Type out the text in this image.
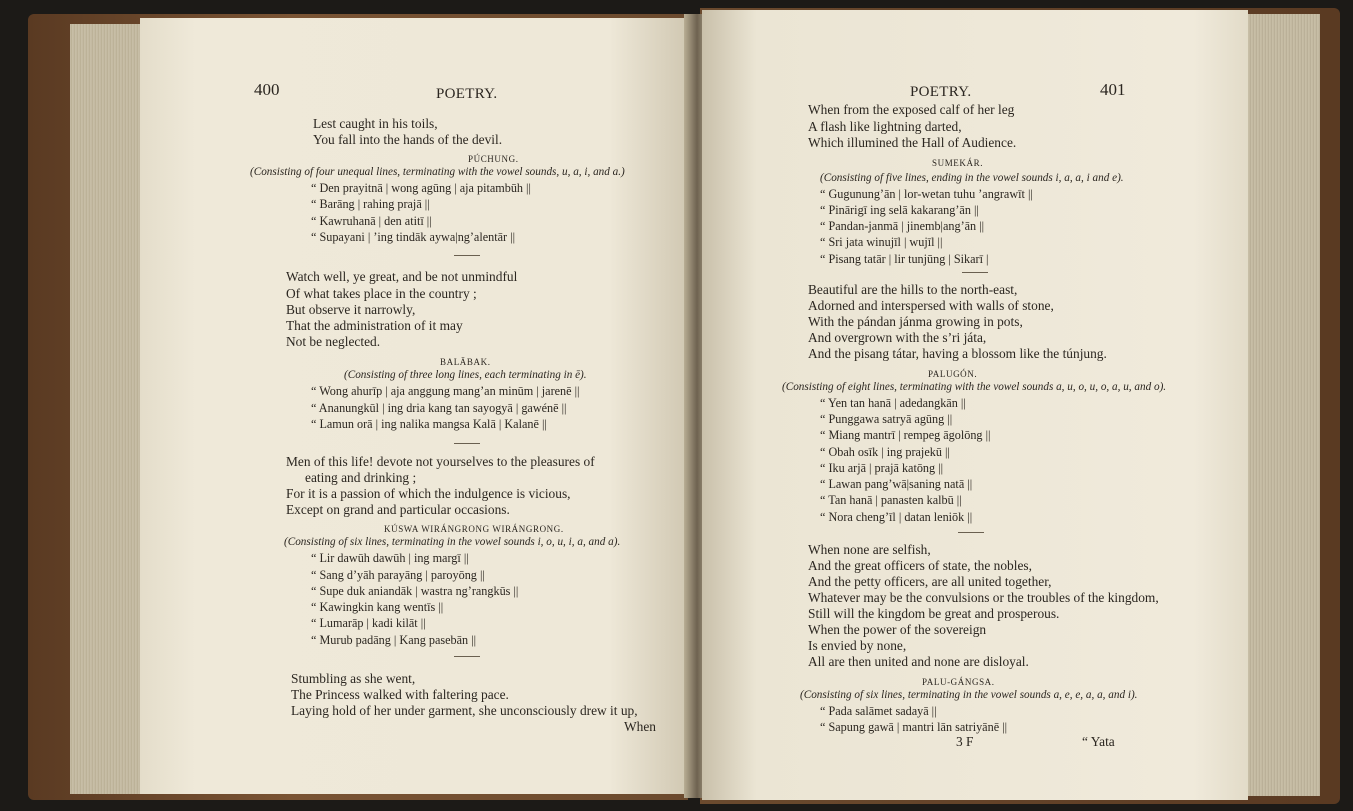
400	POETRY.
Lest caught in his toils,
You fall into the hands of the devil.
PÚCHUNG.
(Consisting of four unequal lines, terminating with the vowel sounds, u, a, i, and a.)
“ Den prayitnā | wong agūng | aja pitambūh ||
“ Barāng | rahing prajā ||
“ Kawruhanā | den atitī ||
“ Supayani | ’ing tindāk aywa|ng’alentār ||
Watch well, ye great, and be not unmindful
Of what takes place in the country ;
But observe it narrowly,
That the administration of it may
Not be neglected.
BALĀBAK.
(Consisting of three long lines, each terminating in ē).
“ Wong ahurīp | aja anggung mang’an minūm | jarenē ||
“ Ananungkūl | ing dria kang tan sayogyā | gawénē ||
“ Lamun orā | ing nalika mangsa Kalā | Kalanē ||
Men of this life! devote not yourselves to the pleasures of
eating and drinking ;
For it is a passion of which the indulgence is vicious,
Except on grand and particular occasions.
KÚSWA WIRÁNGRONG WIRÁNGRONG.
(Consisting of six lines, terminating in the vowel sounds i, o, u, i, a, and a).
“ Lir dawūh dawūh | ing margī ||
“ Sang d’yāh parayāng | paroyōng ||
“ Supe duk aniandāk | wastra ng’rangkūs ||
“ Kawingkin kang wentīs ||
“ Lumarāp | kadi kilāt ||
“ Murub padāng | Kang pasebān ||
Stumbling as she went,
The Princess walked with faltering pace.
Laying hold of her under garment, she unconsciously drew it up,
When
POETRY.	401
When from the exposed calf of her leg
A flash like lightning darted,
Which illumined the Hall of Audience.
SUMEKÁR.
(Consisting of five lines, ending in the vowel sounds i, a, a, i and e).
“ Gugunung’ān | lor-wetan tuhu ’angrawīt ||
“ Pinārigī ing selā kakarang’ān ||
“ Pandan-janmā | jinemb|ang’ān ||
“ Sri jata winujīl | wujīl ||
“ Pisang tatār | lir tunjūng | Sikarī |
Beautiful are the hills to the north-east,
Adorned and interspersed with walls of stone,
With the pándan jánma growing in pots,
And overgrown with the s’ri játa,
And the pisang tátar, having a blossom like the túnjung.
PALUGÓN.
(Consisting of eight lines, terminating with the vowel sounds a, u, o, u, o, a, u, and o).
“ Yen tan hanā | adedangkān ||
“ Punggawa satryā agūng ||
“ Miang mantrī | rempeg āgolōng ||
“ Obah osīk | ing prajekū ||
“ Iku arjā | prajā katōng ||
“ Lawan pang’wā|saning natā ||
“ Tan hanā | panasten kalbū ||
“ Nora cheng’īl | datan leniōk ||
When none are selfish,
And the great officers of state, the nobles,
And the petty officers, are all united together,
Whatever may be the convulsions or the troubles of the kingdom,
Still will the kingdom be great and prosperous.
When the power of the sovereign
Is envied by none,
All are then united and none are disloyal.
PALU-GÁNGSA.
(Consisting of six lines, terminating in the vowel sounds a, e, e, a, a, and i).
“ Pada salāmet sadayā ||
“ Sapung gawā | mantri lān satriyānē ||
3 F	“ Yata
